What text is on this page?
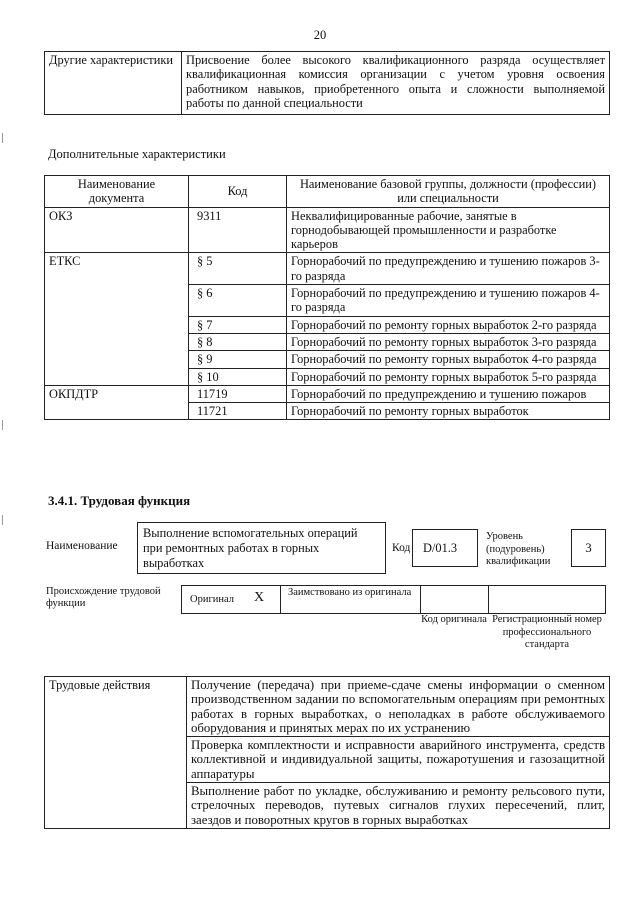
20
Другие характеристики	Присвоение более высокого квалификационного разряда осуществляет квалификационная комиссия организации с учетом уровня освоения работником навыков, приобретенного опыта и сложности выполняемой работы по данной специальности
Дополнительные характеристики
Наименование документа	Код	Наименование базовой группы, должности (профессии) или специальности
ОКЗ	9311	Неквалифицированные рабочие, занятые в горнодобывающей промышленности и разработке карьеров
ЕТКС	§ 5	Горнорабочий по предупреждению и тушению пожаров 3-го разряда
	§ 6	Горнорабочий по предупреждению и тушению пожаров 4-го разряда
	§ 7	Горнорабочий по ремонту горных выработок 2-го разряда
	§ 8	Горнорабочий по ремонту горных выработок 3-го разряда
	§ 9	Горнорабочий по ремонту горных выработок 4-го разряда
	§ 10	Горнорабочий по ремонту горных выработок 5-го разряда
ОКПДТР	11719	Горнорабочий по предупреждению и тушению пожаров
	11721	Горнорабочий по ремонту горных выработок
3.4.1. Трудовая функция
Наименование
Выполнение вспомогательных операций при ремонтных работах в горных выработках
Код	D/01.3
Уровень (подуровень) квалификации
3
Происхождение трудовой функции	Оригинал X	Заимствовано из оригинала
Код оригинала Регистрационный номер профессионального стандарта
Трудовые действия	Получение (передача) при приеме-сдаче смены информации о сменном производственном задании по вспомогательным операциям при ремонтных работах в горных выработках, о неполадках в работе обслуживаемого оборудования и принятых мерах по их устранению
Проверка комплектности и исправности аварийного инструмента, средств коллективной и индивидуальной защиты, пожаротушения и газозащитной аппаратуры
Выполнение работ по укладке, обслуживанию и ремонту рельсового пути, стрелочных переводов, путевых сигналов глухих пересечений, плит, заездов и поворотных кругов в горных выработках
